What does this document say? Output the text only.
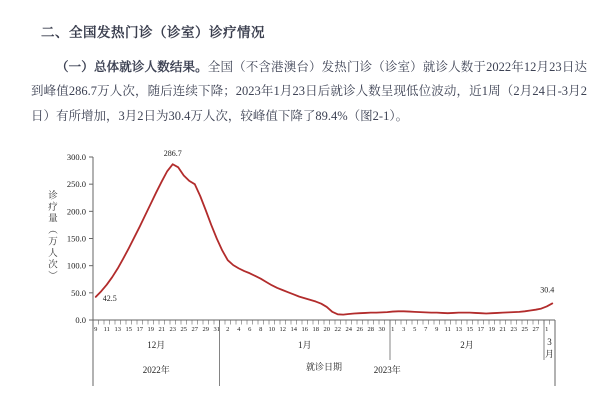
二、全国发热门诊（诊室）诊疗情况

（一）总体就诊人数结果。全国（不含港澳台）发热门诊（诊室）就诊人数于2022年12月23日达到峰值286.7万人次，随后连续下降；2023年1月23日后就诊人数呈现低位波动，近1周（2月24日-3月2日）有所增加，3月2日为30.4万人次，较峰值下降了89.4%（图2-1）。

诊疗量（万人次）
0.0
50.0
100.0
150.0
200.0
250.0
300.0
9 11 13 15 17 19 21 23 25 27 29 31
12月
2 4 6 8 10 12 14 16 18 20 22 24 26 28 30
1月
1 3 5 7 9 11 13 15 17 19 21 23 25 27
2月
1
3
月
2022年	2023年
就诊日期
42.5
286.7
30.4
